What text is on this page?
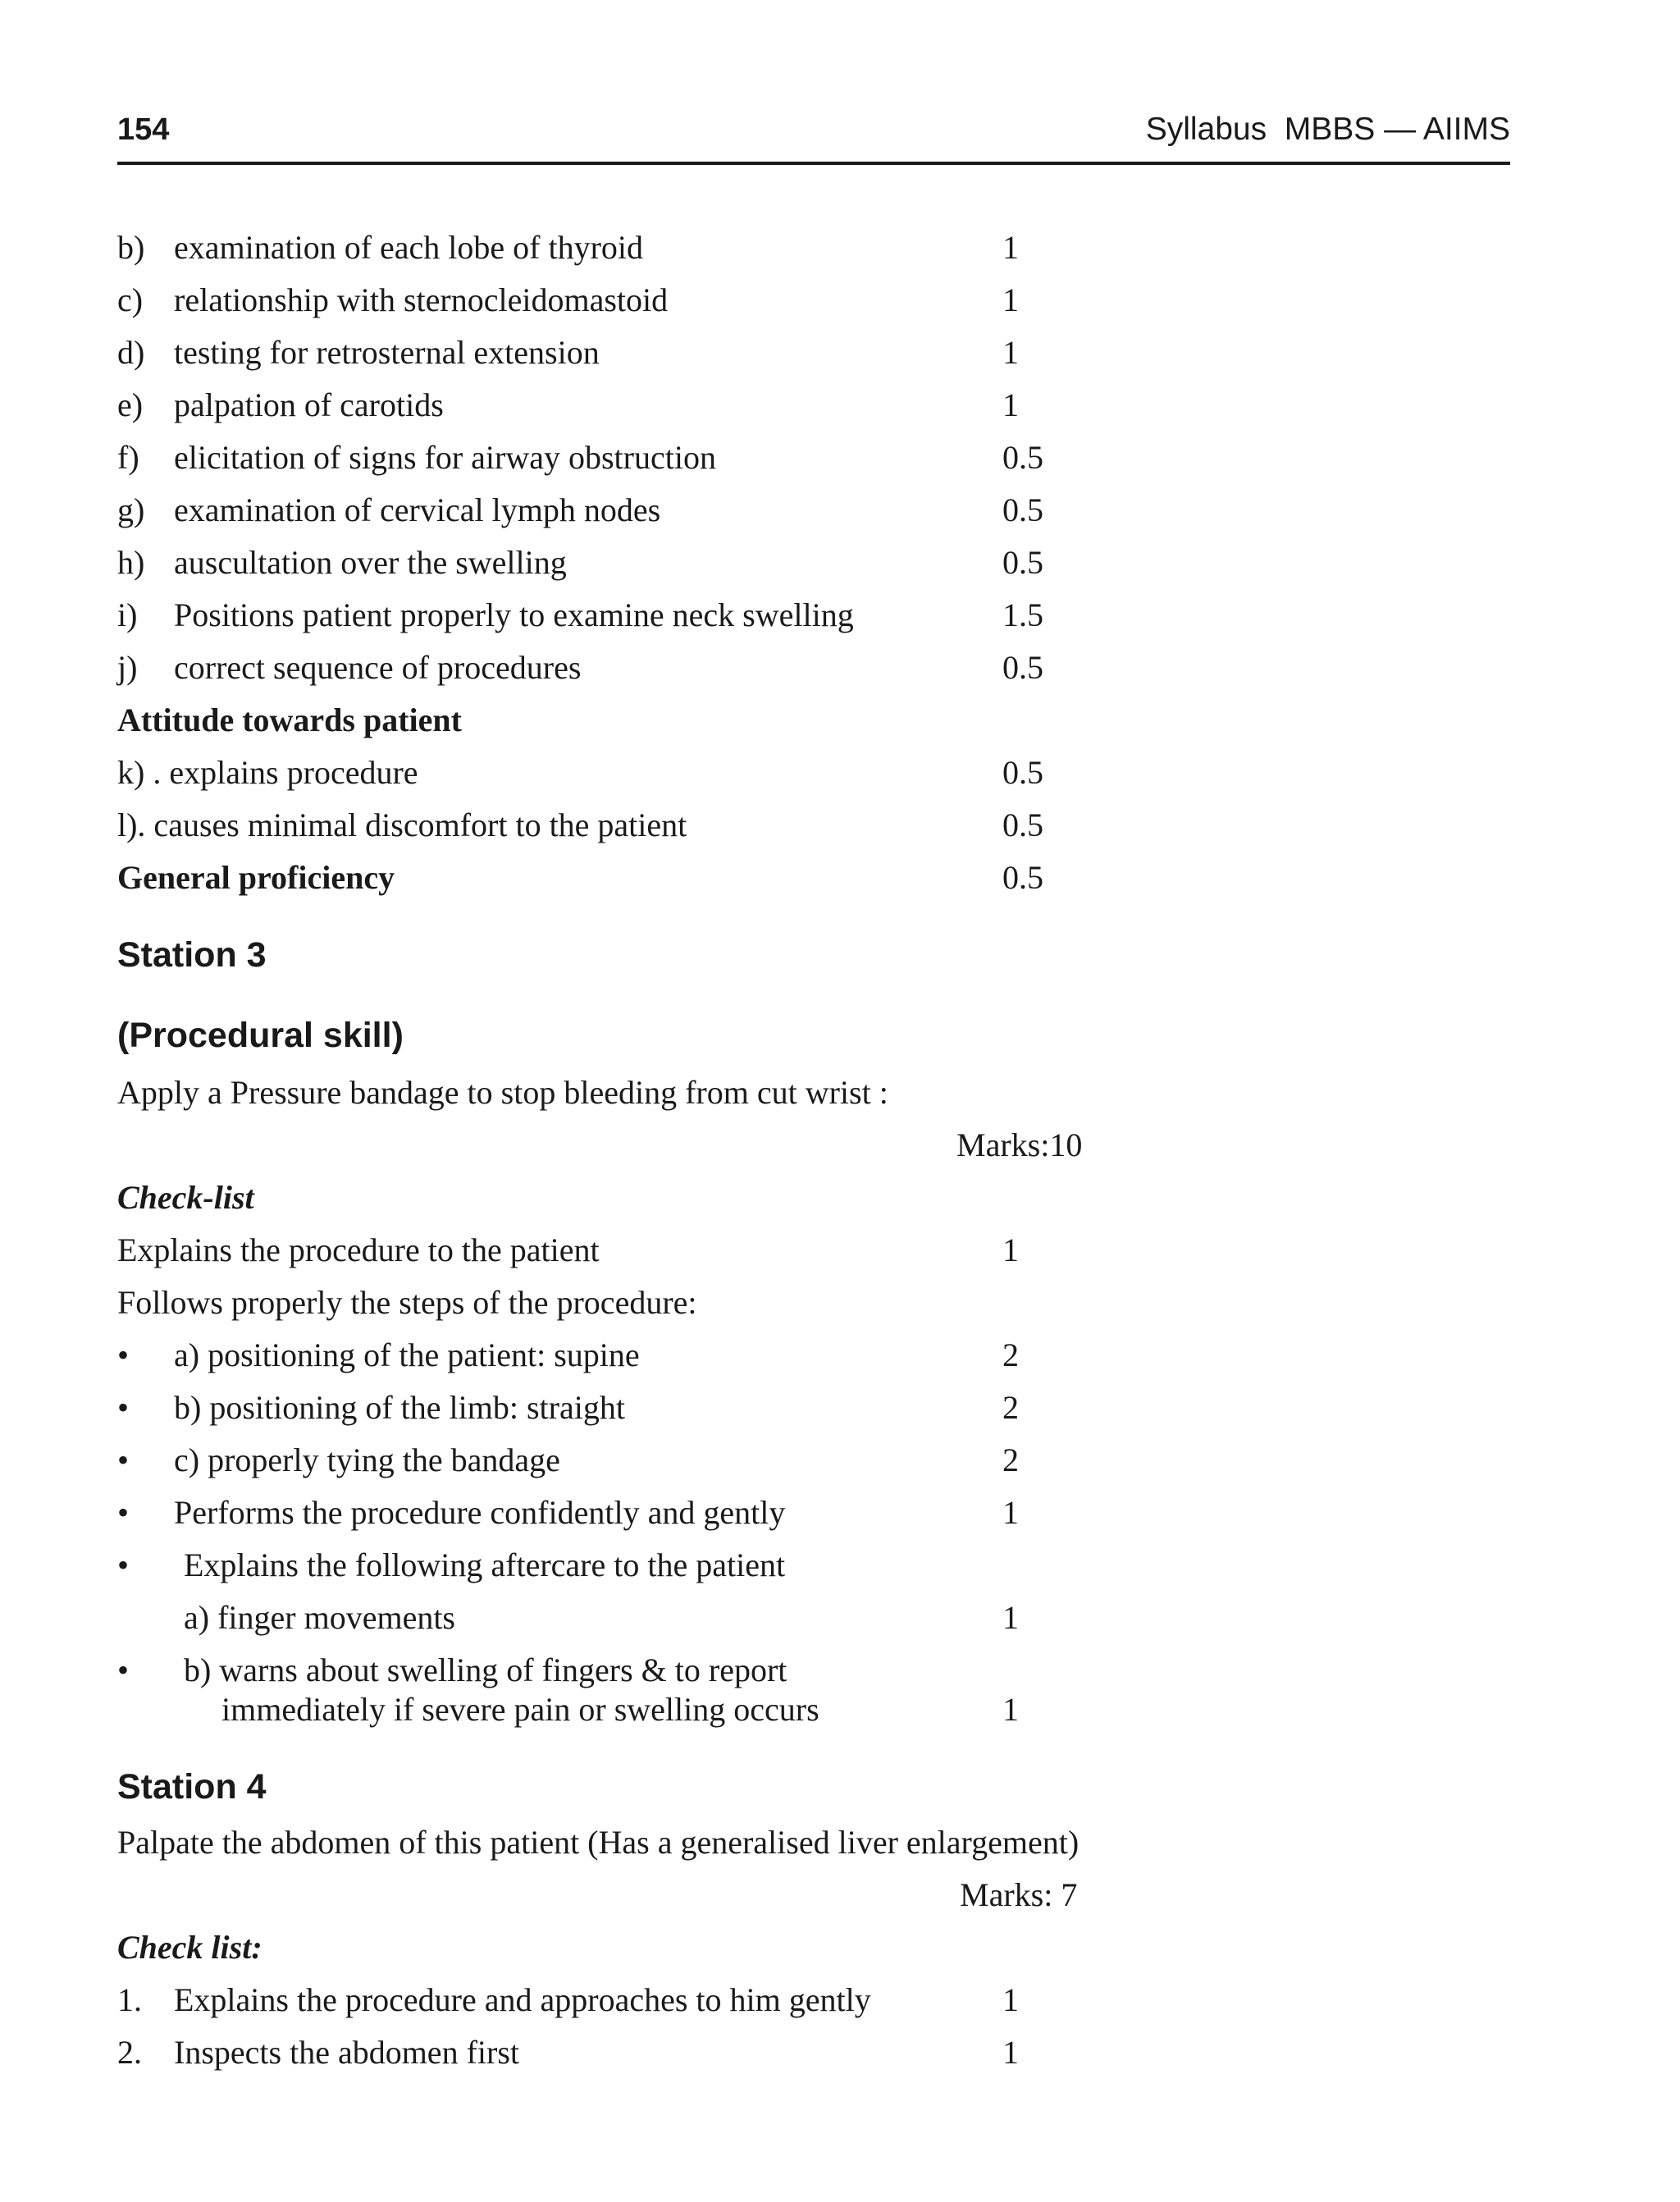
154	Syllabus  MBBS — AIIMS
b) examination of each lobe of thyroid	1
c) relationship with sternocleidomastoid	1
d) testing for retrosternal extension	1
e) palpation of carotids	1
f) elicitation of signs for airway obstruction	0.5
g) examination of cervical lymph nodes	0.5
h) auscultation over the swelling	0.5
i) Positions patient properly to examine neck swelling	1.5
j) correct sequence of procedures	0.5
Attitude towards patient
k) . explains procedure	0.5
l). causes minimal discomfort to the patient	0.5
General proficiency	0.5
Station 3
(Procedural skill)
Apply a Pressure bandage to stop bleeding from cut wrist :
Marks:10
Check-list
Explains the procedure to the patient	1
Follows properly the steps of the procedure:
• a) positioning of the patient: supine	2
• b) positioning of the limb: straight	2
• c) properly tying the bandage	2
• Performs the procedure confidently and gently	1
• Explains the following aftercare to the patient
a) finger movements	1
• b) warns about swelling of fingers & to report
immediately if severe pain or swelling occurs	1
Station 4
Palpate the abdomen of this patient (Has a generalised liver enlargement)
Marks: 7
Check list:
1. Explains the procedure and approaches to him gently	1
2. Inspects the abdomen first	1
